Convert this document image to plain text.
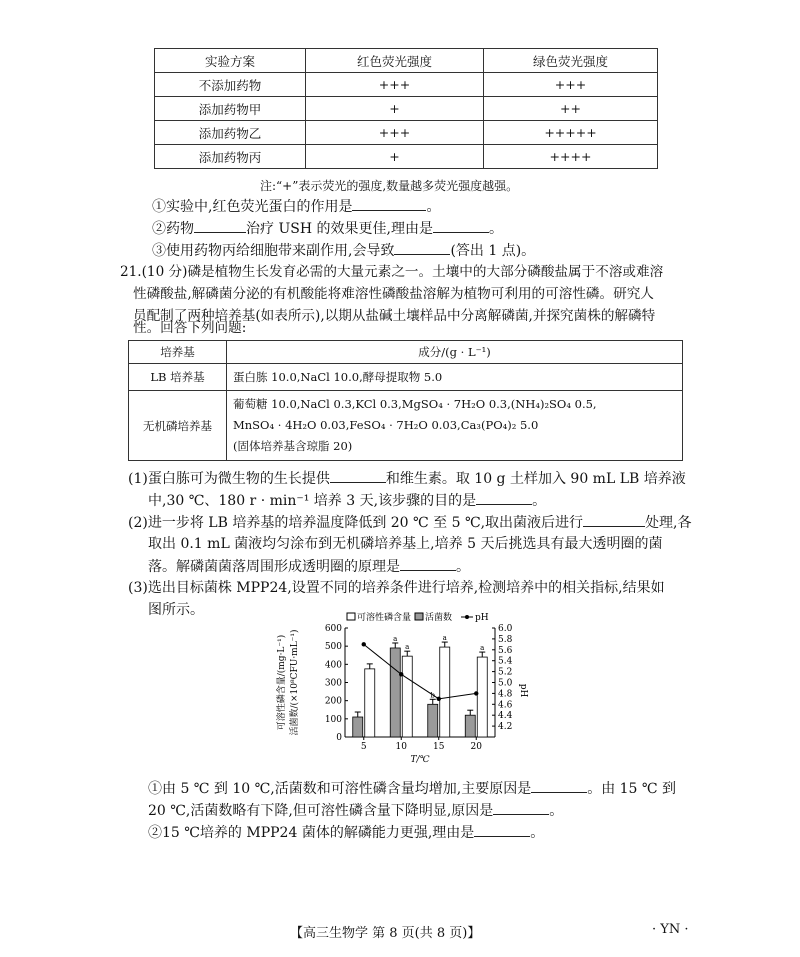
实验方案	红色荧光强度	绿色荧光强度
不添加药物	+++	+++
添加药物甲	+	++
添加药物乙	+++	+++++
添加药物丙	+	++++
注:“+”表示荧光的强度,数量越多荧光强度越强。
①实验中,红色荧光蛋白的作用是	。
②药物	治疗 USH 的效果更佳,理由是	。
③使用药物丙给细胞带来副作用,会导致	(答出 1 点)。
21.(10 分)磷是植物生长发育必需的大量元素之一。土壤中的大部分磷酸盐属于不溶或难溶
性磷酸盐,解磷菌分泌的有机酸能将难溶性磷酸盐溶解为植物可利用的可溶性磷。研究人
员配制了两种培养基(如表所示),以期从盐碱土壤样品中分离解磷菌,并探究菌株的解磷特
性。回答下列问题:
培养基	成分/(g · L⁻¹)
LB 培养基	蛋白胨 10.0,NaCl 10.0,酵母提取物 5.0
无机磷培养基	葡萄糖 10.0,NaCl 0.3,KCl 0.3,MgSO₄ · 7H₂O 0.3,(NH₄)₂SO₄ 0.5,
MnSO₄ · 4H₂O 0.03,FeSO₄ · 7H₂O 0.03,Ca₃(PO₄)₂ 5.0
(固体培养基含琼脂 20)
(1)蛋白胨可为微生物的生长提供	和维生素。取 10 g 土样加入 90 mL LB 培养液
中,30 ℃、180 r · min⁻¹ 培养 3 天,该步骤的目的是	。
(2)进一步将 LB 培养基的培养温度降低到 20 ℃ 至 5 ℃,取出菌液后进行	处理,各
取出 0.1 mL 菌液均匀涂布到无机磷培养基上,培养 5 天后挑选具有最大透明圈的菌
落。解磷菌菌落周围形成透明圈的原理是	。
(3)选出目标菌株 MPP24,设置不同的培养条件进行培养,检测培养中的相关指标,结果如
图所示。
0
100
200
300
400
500
600
4.2
4.4
4.6
4.8
5.0
5.2
5.4
5.6
5.8
6.0
可溶性磷含量/(mg·L⁻¹) 活菌数/(×10⁸CFU·mL⁻¹)	pH
可溶性磷含量 活菌数	pH
5
a
a
10
b
a
15
a
20
T/℃
①由 5 ℃ 到 10 ℃,活菌数和可溶性磷含量均增加,主要原因是	。由 15 ℃ 到
20 ℃,活菌数略有下降,但可溶性磷含量下降明显,原因是	。
②15 ℃培养的 MPP24 菌体的解磷能力更强,理由是	。
【高三生物学 第 8 页(共 8 页)】	· YN ·
